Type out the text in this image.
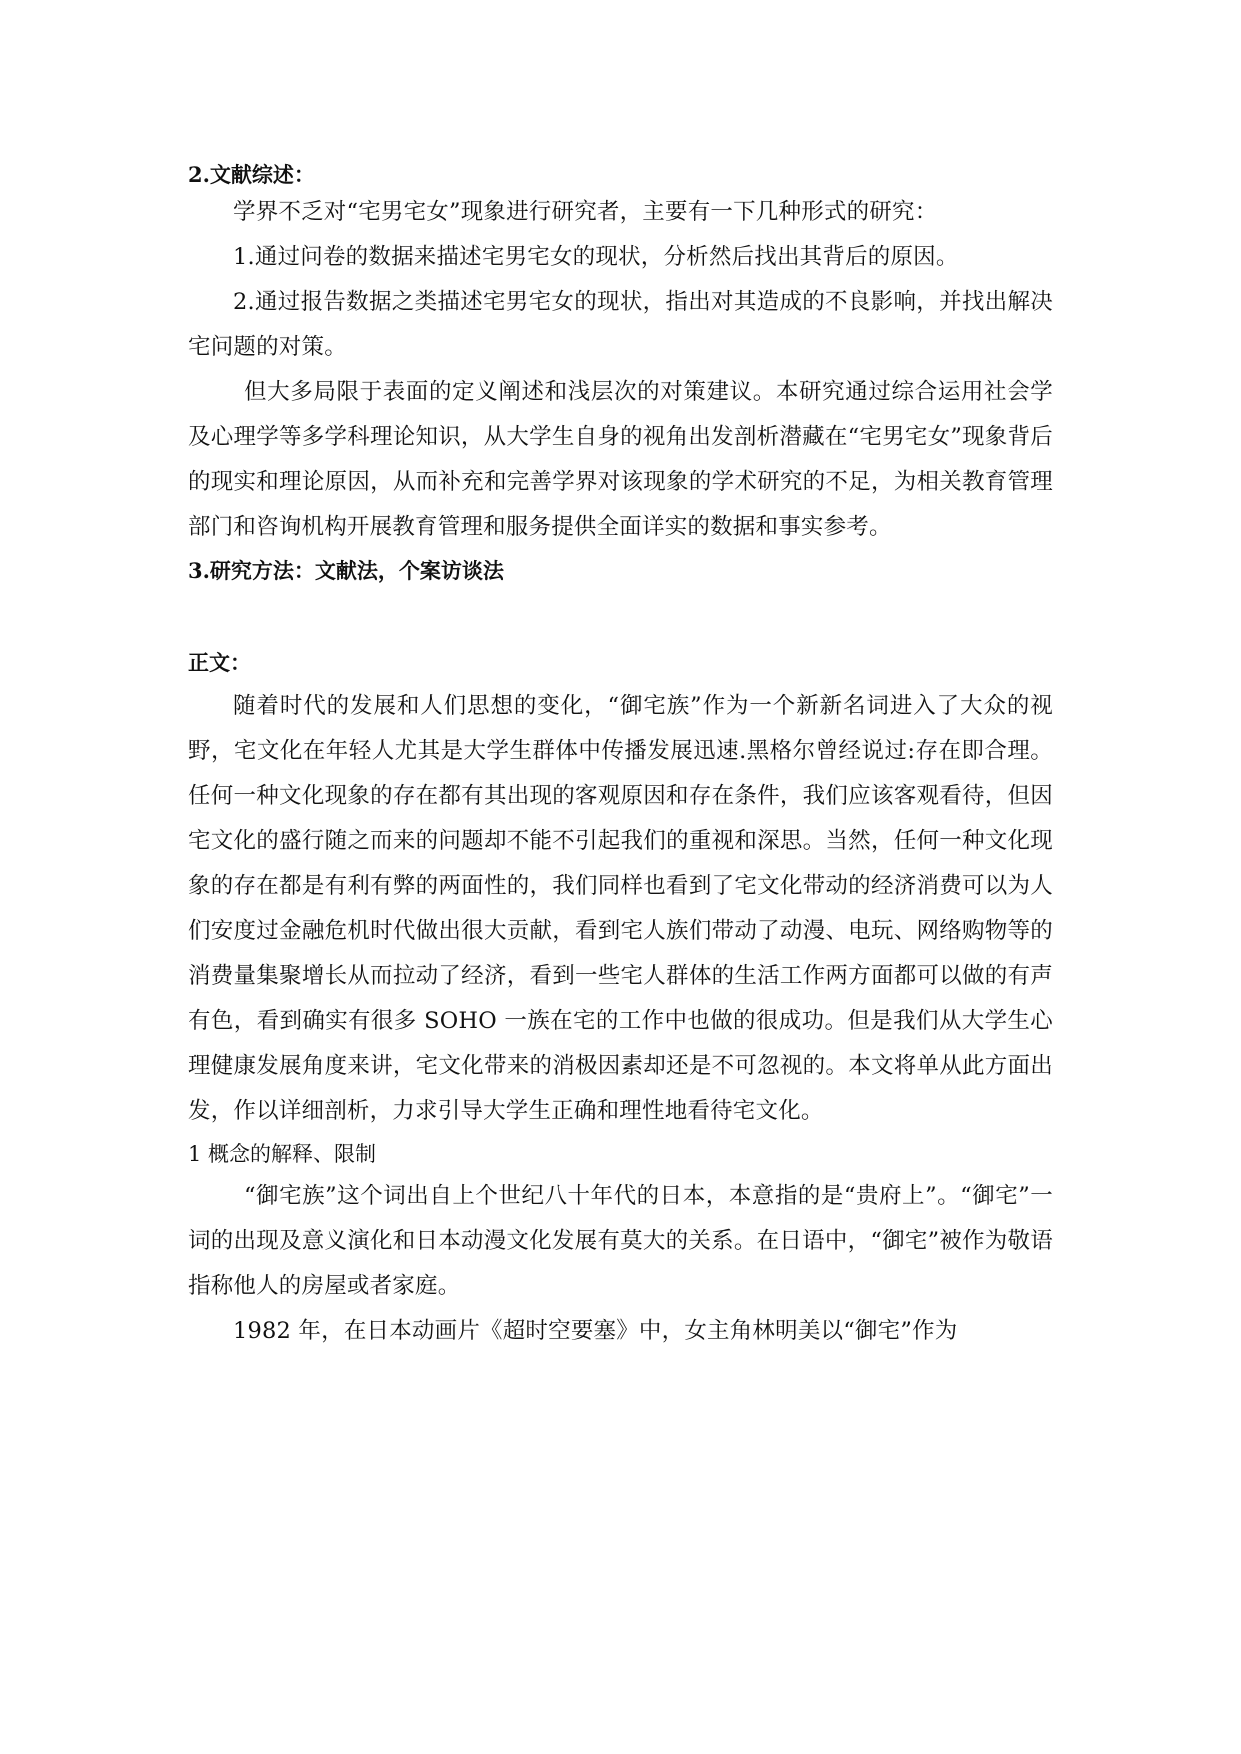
2.文献综述：

学界不乏对“宅男宅女”现象进行研究者，主要有一下几种形式的研究：

1.通过问卷的数据来描述宅男宅女的现状，分析然后找出其背后的原因。

2.通过报告数据之类描述宅男宅女的现状，指出对其造成的不良影响，并找出解决宅问题的对策。

但大多局限于表面的定义阐述和浅层次的对策建议。本研究通过综合运用社会学及心理学等多学科理论知识，从大学生自身的视角出发剖析潜藏在“宅男宅女”现象背后的现实和理论原因，从而补充和完善学界对该现象的学术研究的不足，为相关教育管理部门和咨询机构开展教育管理和服务提供全面详实的数据和事实参考。

3.研究方法：文献法，个案访谈法

正文：

随着时代的发展和人们思想的变化，“御宅族”作为一个新新名词进入了大众的视野，宅文化在年轻人尤其是大学生群体中传播发展迅速.黑格尔曾经说过:存在即合理。任何一种文化现象的存在都有其出现的客观原因和存在条件，我们应该客观看待，但因宅文化的盛行随之而来的问题却不能不引起我们的重视和深思。当然，任何一种文化现象的存在都是有利有弊的两面性的，我们同样也看到了宅文化带动的经济消费可以为人们安度过金融危机时代做出很大贡献，看到宅人族们带动了动漫、电玩、网络购物等的消费量集聚增长从而拉动了经济，看到一些宅人群体的生活工作两方面都可以做的有声有色，看到确实有很多 SOHO 一族在宅的工作中也做的很成功。但是我们从大学生心理健康发展角度来讲，宅文化带来的消极因素却还是不可忽视的。本文将单从此方面出发，作以详细剖析，力求引导大学生正确和理性地看待宅文化。

1 概念的解释、限制

“御宅族”这个词出自上个世纪八十年代的日本，本意指的是“贵府上”。“御宅”一词的出现及意义演化和日本动漫文化发展有莫大的关系。在日语中，“御宅”被作为敬语指称他人的房屋或者家庭。

1982 年，在日本动画片《超时空要塞》中，女主角林明美以“御宅”作为
